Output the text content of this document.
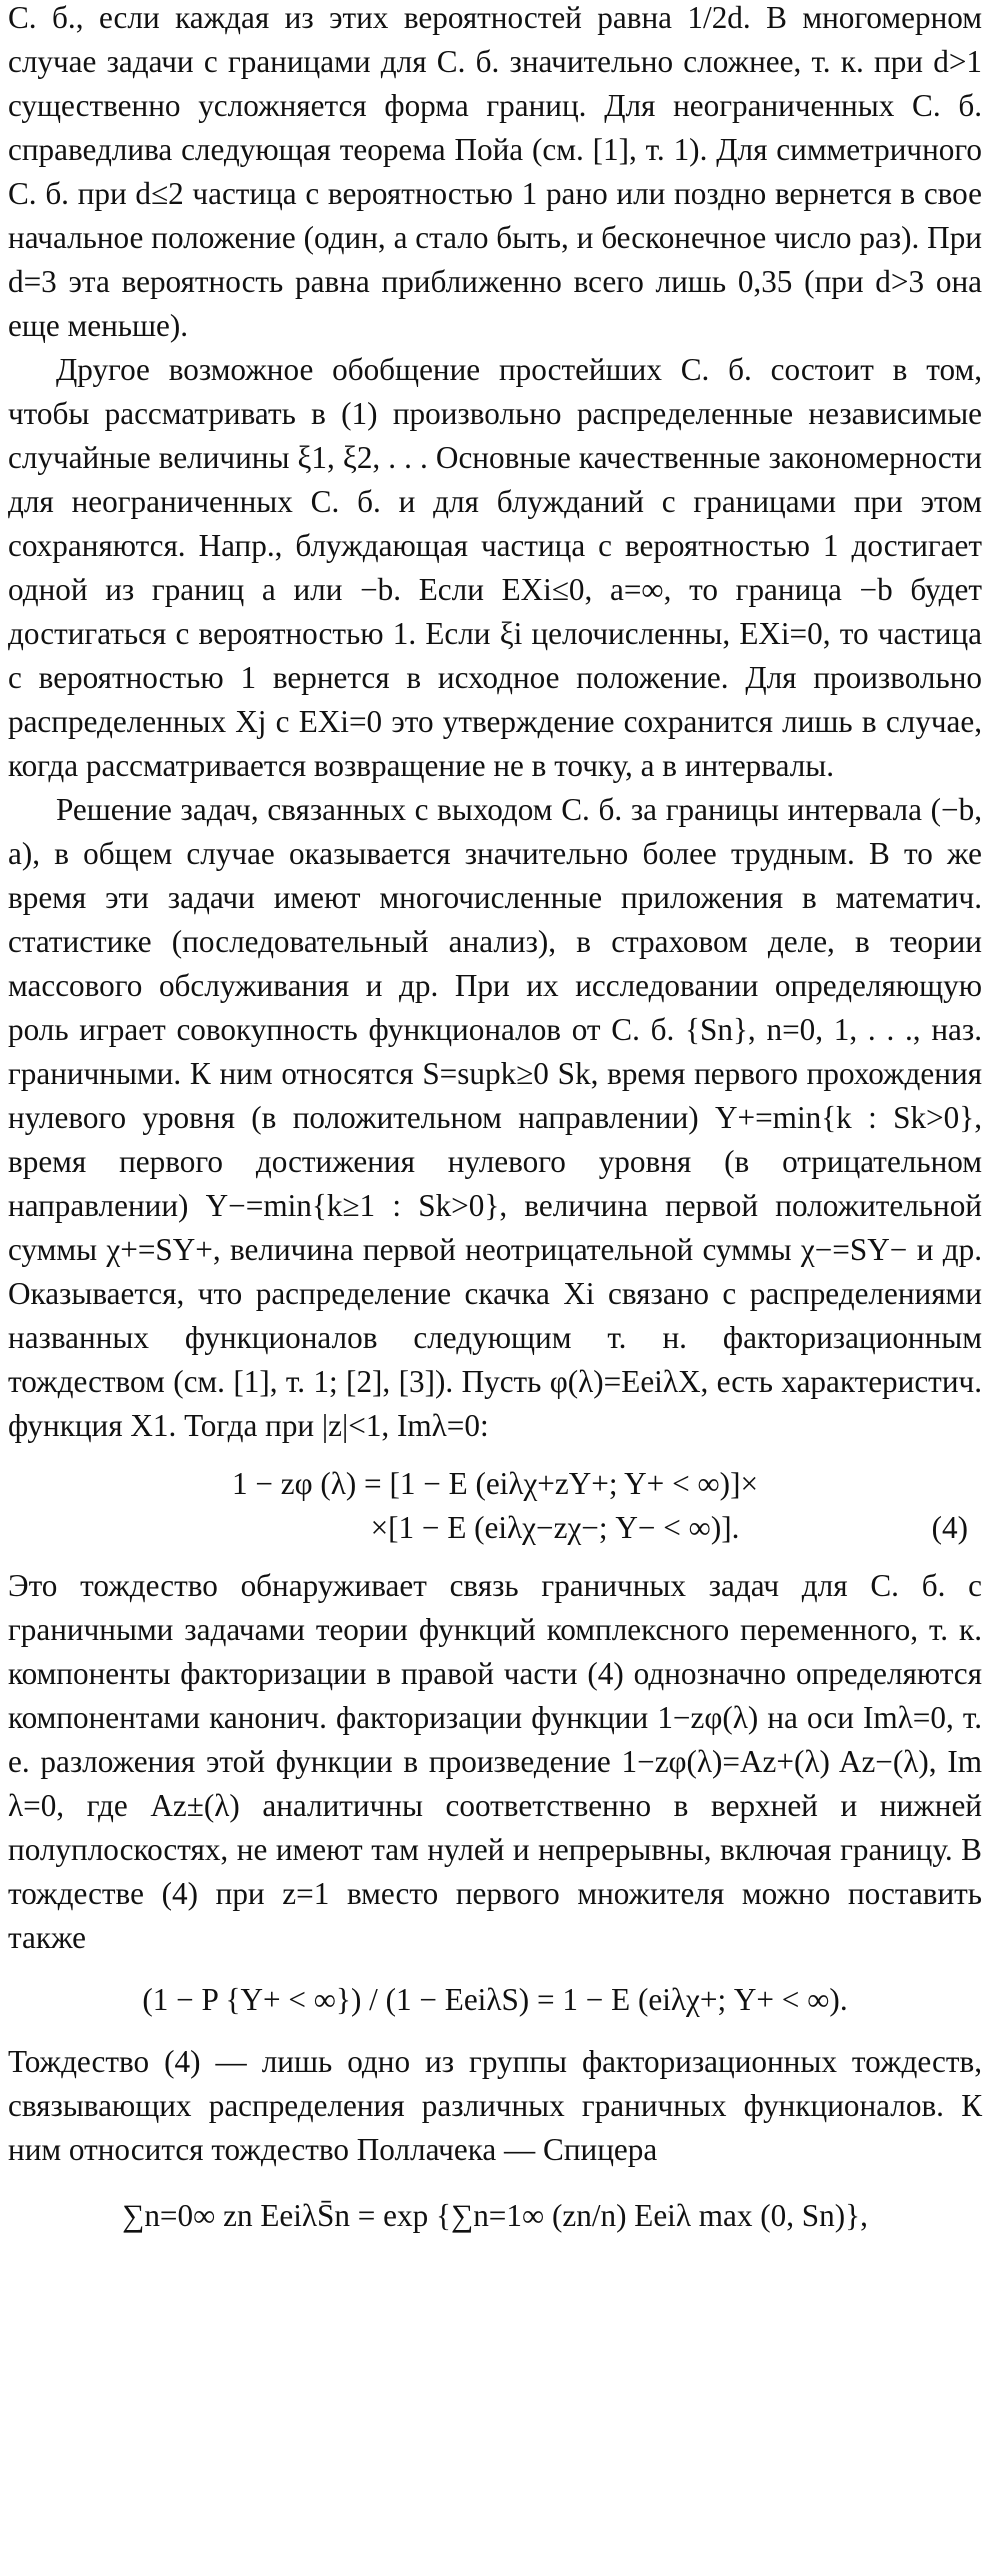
С. б., если каждая из этих вероятностей равна 1/2d. В многомерном случае задачи с границами для С. б. значительно сложнее, т. к. при d>1 существенно усложняется форма границ. Для неограниченных С. б. справедлива следующая теорема Пойа (см. [1], т. 1). Для симметричного С. б. при d≤2 частица с вероятностью 1 рано или поздно вернется в свое начальное положение (один, а стало быть, и бесконечное число раз). При d=3 эта вероятность равна приближенно всего лишь 0,35 (при d>3 она еще меньше).

Другое возможное обобщение простейших С. б. состоит в том, чтобы рассматривать в (1) произвольно распределенные независимые случайные величины ξ1, ξ2, . . . Основные качественные закономерности для неограниченных С. б. и для блужданий с границами при этом сохраняются. Напр., блуждающая частица с вероятностью 1 достигает одной из границ a или −b. Если EXi≤0, a=∞, то граница −b будет достигаться с вероятностью 1. Если ξi целочисленны, EXi=0, то частица с вероятностью 1 вернется в исходное положение. Для произвольно распределенных Xj с EXi=0 это утверждение сохранится лишь в случае, когда рассматривается возвращение не в точку, а в интервалы.

Решение задач, связанных с выходом С. б. за границы интервала (−b, a), в общем случае оказывается значительно более трудным. В то же время эти задачи имеют многочисленные приложения в математич. статистике (последовательный анализ), в страховом деле, в теории массового обслуживания и др. При их исследовании определяющую роль играет совокупность функционалов от С. б. {Sn}, n=0, 1, . . ., наз. граничными. К ним относятся S=supk≥0 Sk, время первого прохождения нулевого уровня (в положительном направлении) Y+=min{k : Sk>0}, время первого достижения нулевого уровня (в отрицательном направлении) Y−=min{k≥1 : Sk>0}, величина первой положительной суммы χ+=SY+, величина первой неотрицательной суммы χ−=SY− и др. Оказывается, что распределение скачка Xi связано с распределениями названных функционалов следующим т. н. факторизационным тождеством (см. [1], т. 1; [2], [3]). Пусть φ(λ)=EeiλX, есть характеристич. функция X1. Тогда при |z|<1, Imλ=0:

1 − zφ (λ) = [1 − E (eiλχ+zY+; Y+ < ∞)]×
×[1 − E (eiλχ−zχ−; Y− < ∞)].	(4)

Это тождество обнаруживает связь граничных задач для С. б. с граничными задачами теории функций комплексного переменного, т. к. компоненты факторизации в правой части (4) однозначно определяются компонентами канонич. факторизации функции 1−zφ(λ) на оси Imλ=0, т. е. разложения этой функции в произведение 1−zφ(λ)=Az+(λ) Az−(λ), Im λ=0, где Az±(λ) аналитичны соответственно в верхней и нижней полуплоскостях, не имеют там нулей и непрерывны, включая границу. В тождестве (4) при z=1 вместо первого множителя можно поставить также

(1 − P {Y+ < ∞}) / (1 − EeiλS) = 1 − E (eiλχ+; Y+ < ∞).

Тождество (4) — лишь одно из группы факторизационных тождеств, связывающих распределения различных граничных функционалов. К ним относится тождество Поллачека — Спицера

∑n=0∞ zn EeiλS̄n = exp {∑n=1∞ (zn/n) Eeiλ max (0, Sn)},
